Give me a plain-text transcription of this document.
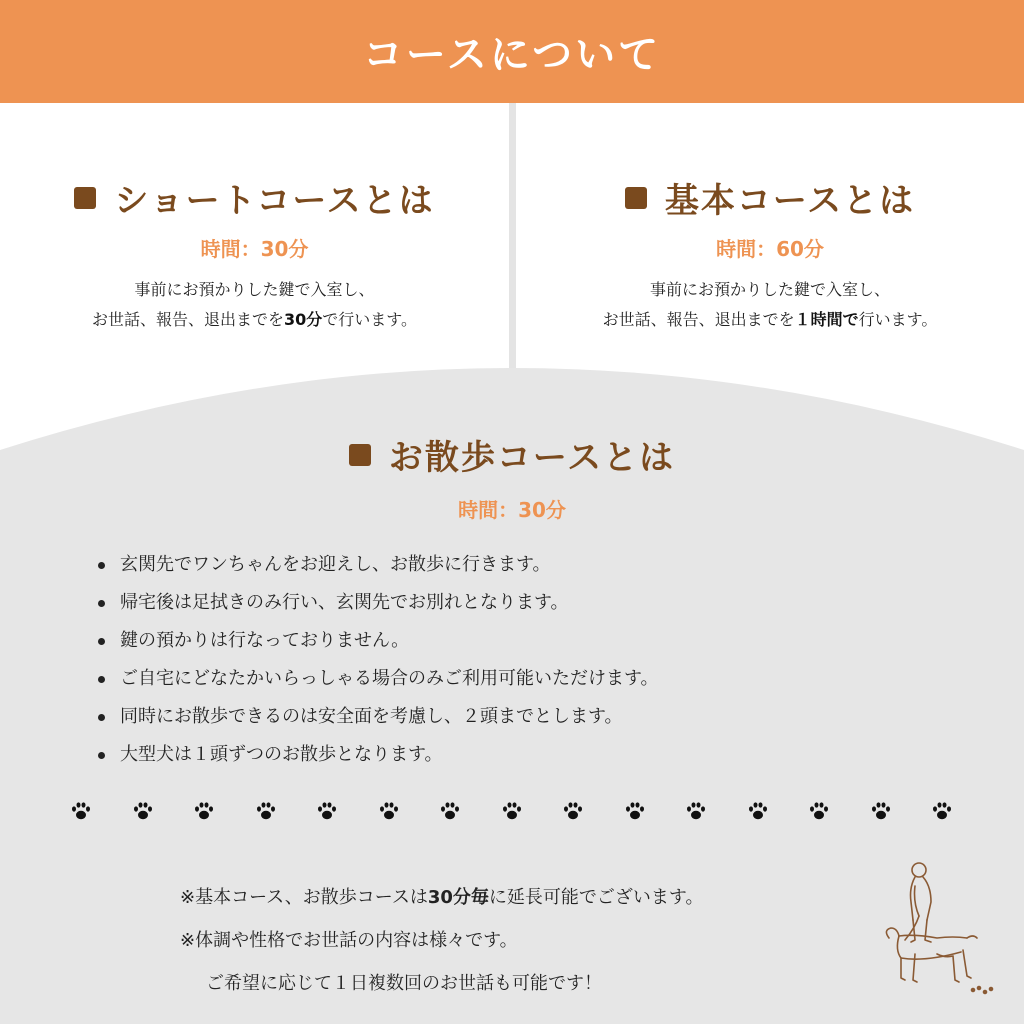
コースについて
ショートコースとは
時間：30分
事前にお預かりした鍵で入室し、
お世話、報告、退出までを30分で行います。
基本コースとは
時間：60分
事前にお預かりした鍵で入室し、
お世話、報告、退出までを１時間で行います。
お散歩コースとは
時間：30分
玄関先でワンちゃんをお迎えし、お散歩に行きます。
帰宅後は足拭きのみ行い、玄関先でお別れとなります。
鍵の預かりは行なっておりません。
ご自宅にどなたかいらっしゃる場合のみご利用可能いただけます。
同時にお散歩できるのは安全面を考慮し、２頭までとします。
大型犬は１頭ずつのお散歩となります。
※基本コース、お散歩コースは30分毎に延長可能でございます。
※体調や性格でお世話の内容は様々です。
ご希望に応じて１日複数回のお世話も可能です！
